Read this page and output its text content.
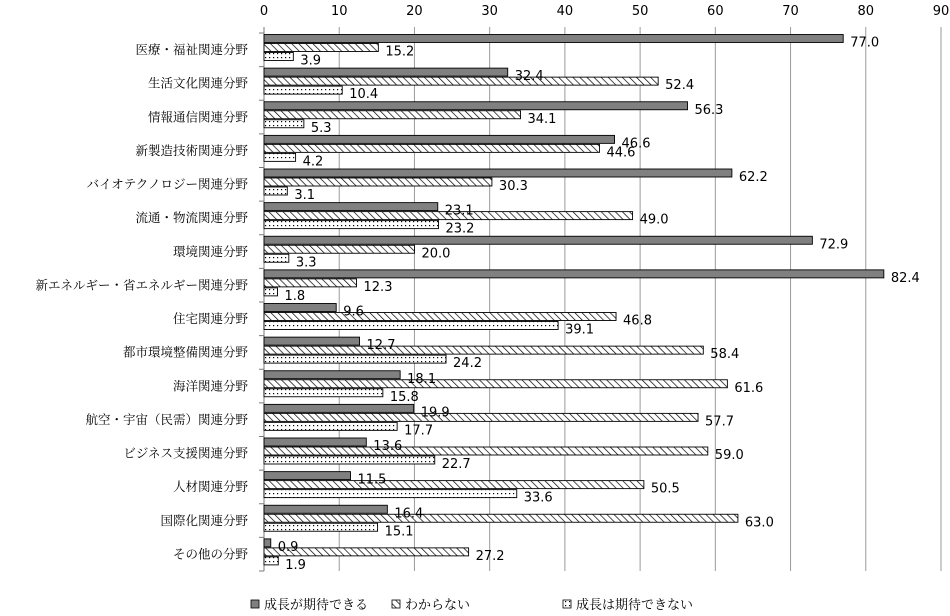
0	10	20	30	40	50	60	70	80	90
医療・福祉関連分野
生活文化関連分野
情報通信関連分野
新製造技術関連分野
バイオテクノロジー関連分野
流通・物流関連分野
環境関連分野
新エネルギー・省エネルギー関連分野
住宅関連分野
都市環境整備関連分野
海洋関連分野
航空・宇宙（民需）関連分野
ビジネス支援関連分野
人材関連分野
国際化関連分野
その他の分野
77.0
15.2
3.9
32.4
52.4
10.4
56.3
34.1
5.3
46.6
44.6
4.2
62.2
30.3
3.1
23.1
49.0
23.2
72.9
20.0
3.3
82.4
12.3
1.8
9.6
46.8
39.1
12.7
58.4
24.2
18.1
61.6
15.8
19.9
57.7
17.7
13.6
59.0
22.7
11.5
50.5
33.6
16.4
63.0
15.1
0.9
27.2
1.9
成長が期待できる	わからない	成長は期待できない
